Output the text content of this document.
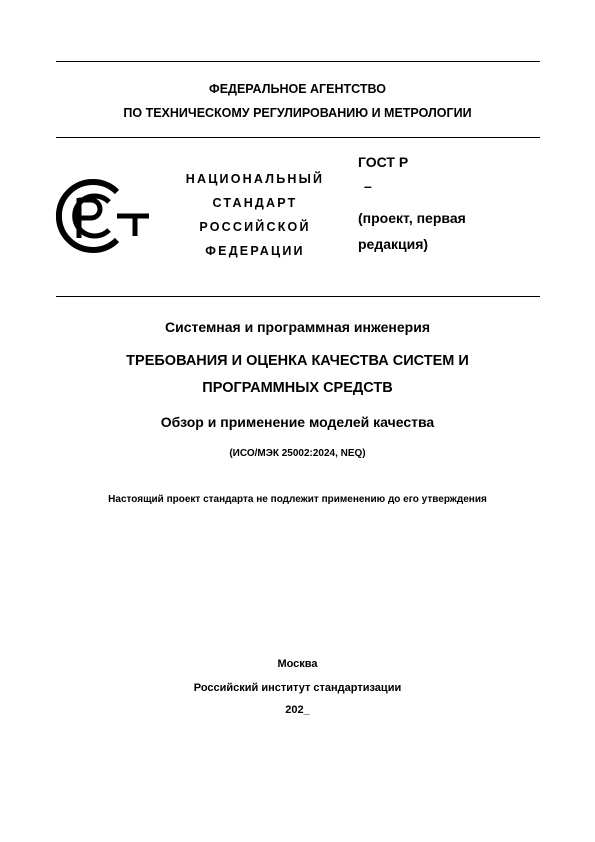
ФЕДЕРАЛЬНОЕ АГЕНТСТВО
ПО ТЕХНИЧЕСКОМУ РЕГУЛИРОВАНИЮ И МЕТРОЛОГИИ
НАЦИОНАЛЬНЫЙ
СТАНДАРТ
РОССИЙСКОЙ
ФЕДЕРАЦИИ
ГОСТ Р
–
(проект, первая
редакция)
Системная и программная инженерия
ТРЕБОВАНИЯ И ОЦЕНКА КАЧЕСТВА СИСТЕМ И
ПРОГРАММНЫХ СРЕДСТВ
Обзор и применение моделей качества
(ИСО/МЭК 25002:2024, NEQ)
Настоящий проект стандарта не подлежит применению до его утверждения
Москва
Российский институт стандартизации
202_
